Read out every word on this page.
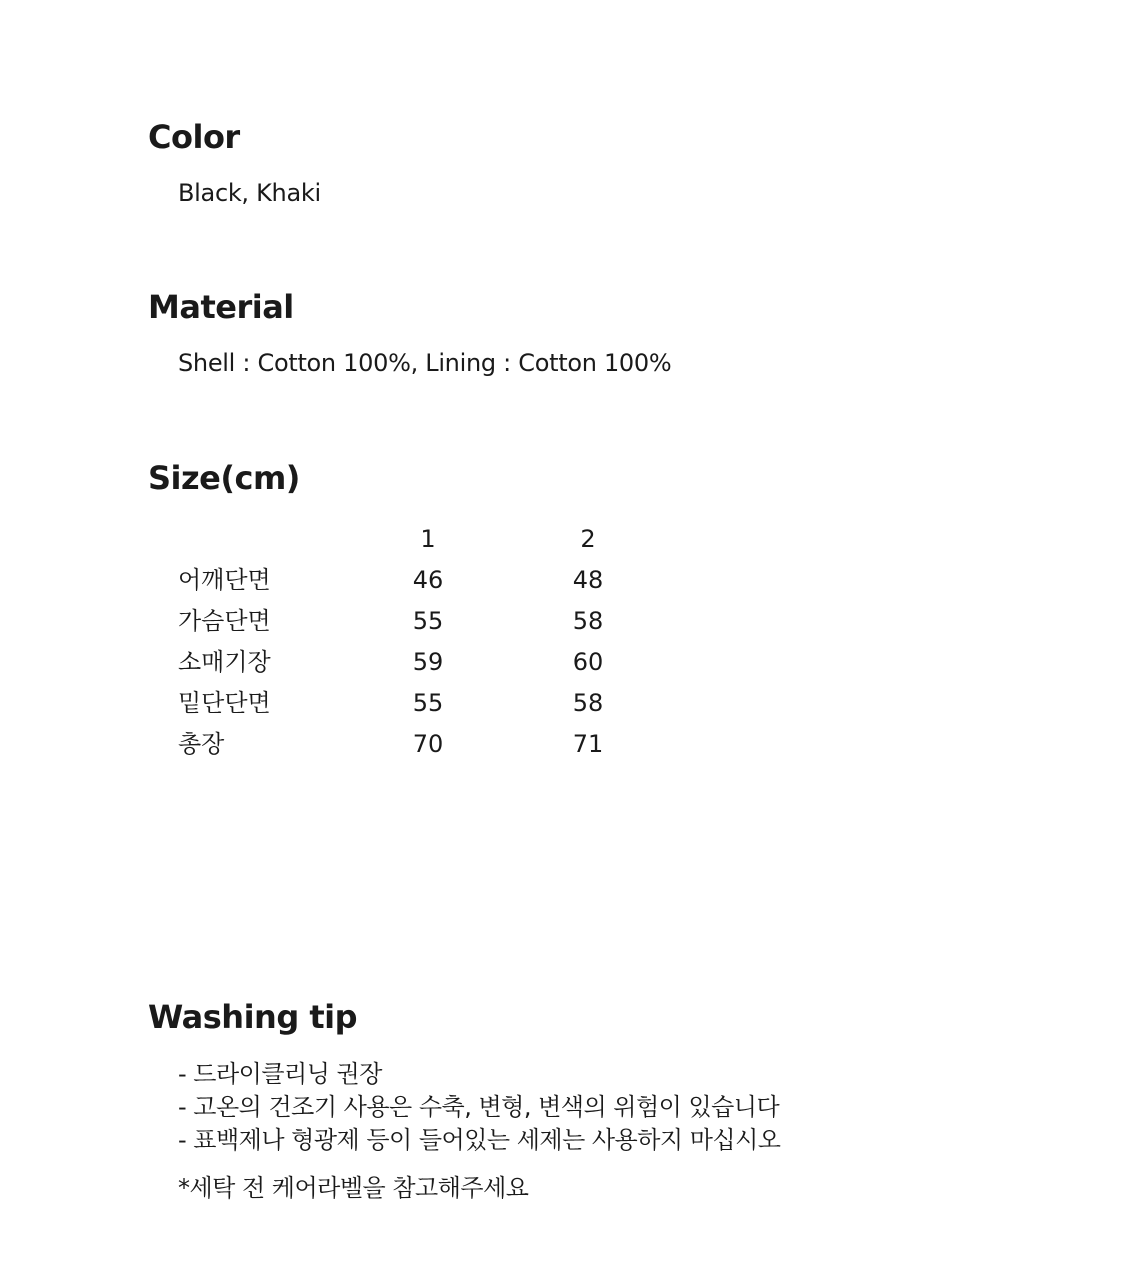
Color

Black, Khaki

Material

Shell : Cotton 100%, Lining : Cotton 100%

Size(cm)
	1		2
어깨단면	46		48
가슴단면	55		58
소매기장	59		60
밑단단면	55		58
총장	70		71
Washing tip
- 드라이클리닝 권장
- 고온의 건조기 사용은 수축, 변형, 변색의 위험이 있습니다
- 표백제나 형광제 등이 들어있는 세제는 사용하지 마십시오

*세탁 전 케어라벨을 참고해주세요
